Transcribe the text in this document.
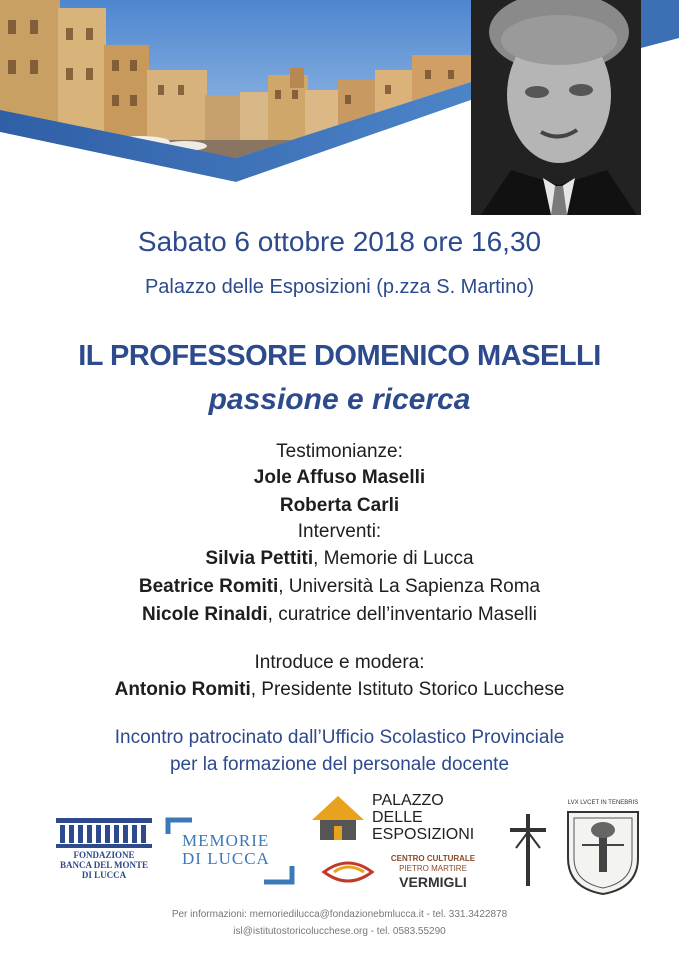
Sabato 6 ottobre 2018 ore 16,30
Palazzo delle Esposizioni (p.zza S. Martino)
IL PROFESSORE DOMENICO MASELLI
passione e ricerca
Testimonianze:
Jole Affuso Maselli
Roberta Carli
Interventi:
Silvia Pettiti, Memorie di Lucca
Beatrice Romiti, Università La Sapienza Roma
Nicole Rinaldi, curatrice dell’inventario Maselli
Introduce e modera:
Antonio Romiti, Presidente Istituto Storico Lucchese
Incontro patrocinato dall’Ufficio Scolastico Provinciale
per la formazione del personale docente
FONDAZIONE
BANCA DEL MONTE
DI LUCCA
MEMORIE
DI LUCCA
PALAZZO
DELLE
ESPOSIZIONI
CENTRO CULTURALE
PIETRO MARTIRE
VERMIGLI
LVX LVCET IN TENEBRIS
Per informazioni: memoriedilucca@fondazionebmlucca.it - tel. 331.3422878
isl@istitutostoricolucchese.org - tel. 0583.55290
